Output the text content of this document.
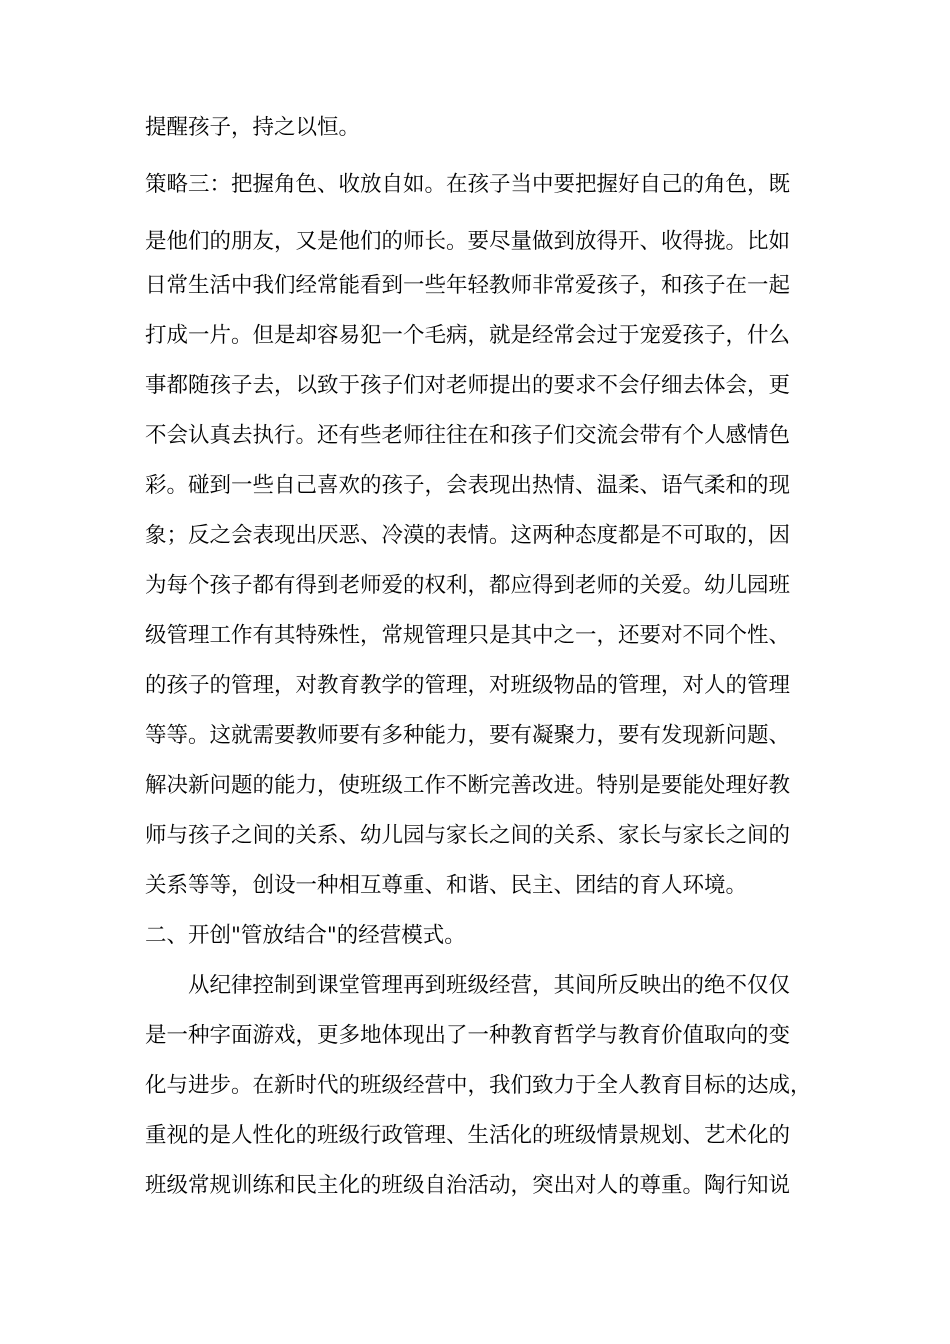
提醒孩子，持之以恒。
策略三：把握角色、收放自如。在孩子当中要把握好自己的角色，既
是他们的朋友，又是他们的师长。要尽量做到放得开、收得拢。比如
日常生活中我们经常能看到一些年轻教师非常爱孩子，和孩子在一起
打成一片。但是却容易犯一个毛病，就是经常会过于宠爱孩子，什么
事都随孩子去，以致于孩子们对老师提出的要求不会仔细去体会，更
不会认真去执行。还有些老师往往在和孩子们交流会带有个人感情色
彩。碰到一些自己喜欢的孩子，会表现出热情、温柔、语气柔和的现
象；反之会表现出厌恶、冷漠的表情。这两种态度都是不可取的，因
为每个孩子都有得到老师爱的权利，都应得到老师的关爱。幼儿园班
级管理工作有其特殊性，常规管理只是其中之一，还要对不同个性、
的孩子的管理，对教育教学的管理，对班级物品的管理，对人的管理
等等。这就需要教师要有多种能力，要有凝聚力，要有发现新问题、
解决新问题的能力，使班级工作不断完善改进。特别是要能处理好教
师与孩子之间的关系、幼儿园与家长之间的关系、家长与家长之间的
关系等等，创设一种相互尊重、和谐、民主、团结的育人环境。
二、开创"管放结合"的经营模式。
从纪律控制到课堂管理再到班级经营，其间所反映出的绝不仅仅
是一种字面游戏，更多地体现出了一种教育哲学与教育价值取向的变
化与进步。在新时代的班级经营中，我们致力于全人教育目标的达成，
重视的是人性化的班级行政管理、生活化的班级情景规划、艺术化的
班级常规训练和民主化的班级自治活动，突出对人的尊重。陶行知说
